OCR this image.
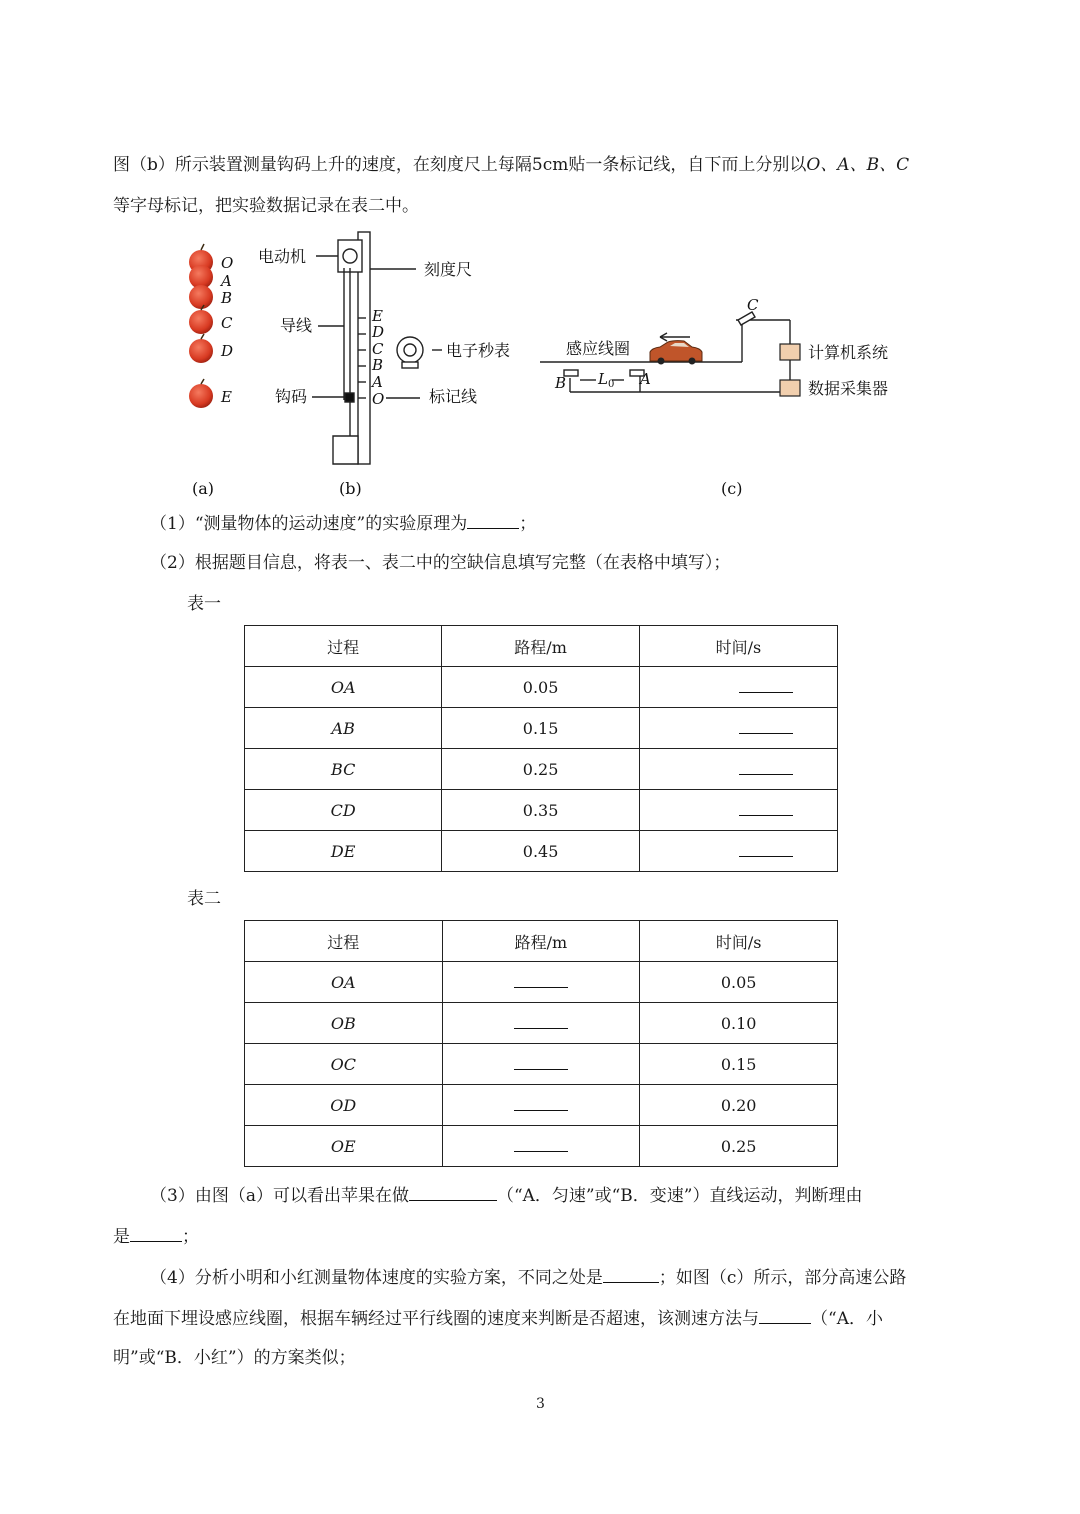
图（b）所示装置测量钩码上升的速度，在刻度尺上每隔5cm贴一条标记线，自下而上分别以O、A、B、C
等字母标记，把实验数据记录在表二中。
O
A
B
C
D
E
E
D
C
B
A
O
电动机
刻度尺
导线
电子秒表
钩码	标记线
感应线圈	计算机系统
数据采集器
C
B	A
$L_0$
(a)	(b)	(c)
（1）“测量物体的运动速度”的实验原理为	；
（2）根据题目信息，将表一、表二中的空缺信息填写完整（在表格中填写）；
表一
过程	路程/m	时间/s
OA	0.05	
AB	0.15	
BC	0.25	
CD	0.35	
DE	0.45	
表二
过程	路程/m	时间/s
OA		0.05
OB		0.10
OC		0.15
OD		0.20
OE		0.25
（3）由图（a）可以看出苹果在做	（“A．匀速”或“B．变速”）直线运动，判断理由
是	；
（4）分析小明和小红测量物体速度的实验方案，不同之处是	；如图（c）所示，部分高速公路
在地面下埋设感应线圈，根据车辆经过平行线圈的速度来判断是否超速，该测速方法与	（“A．小
明”或“B．小红”）的方案类似；
3
